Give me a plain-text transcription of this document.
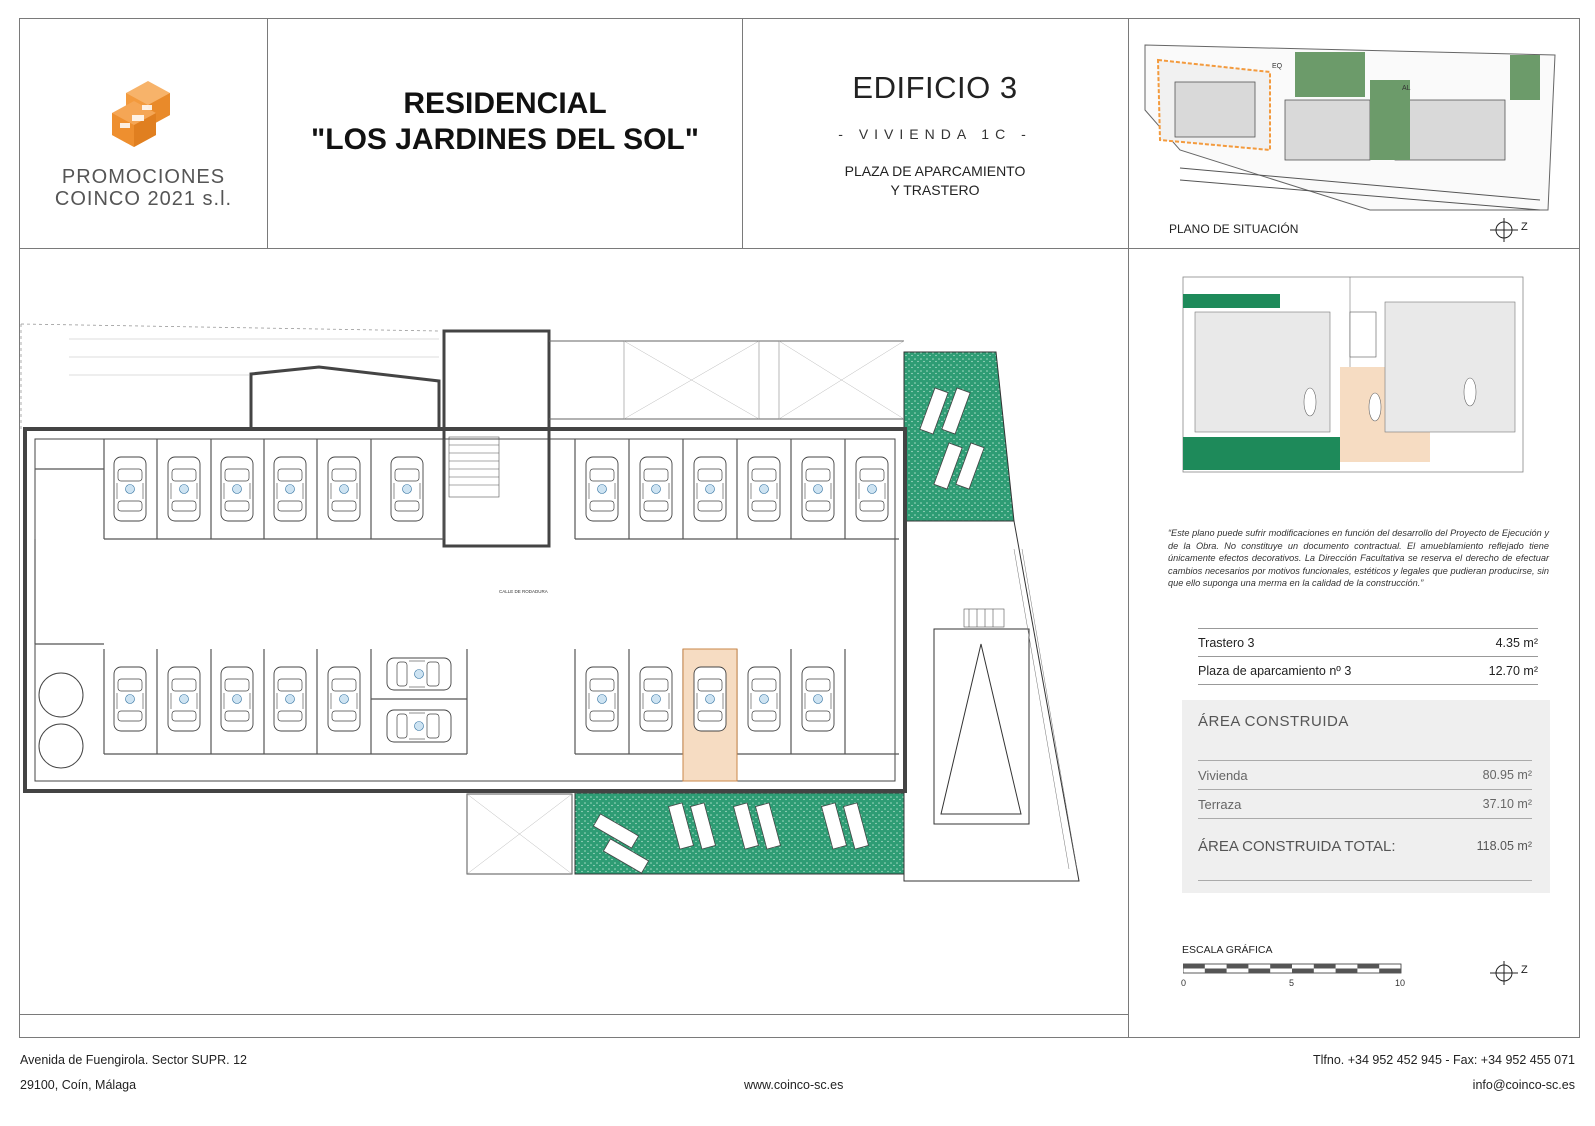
PROMOCIONES
COINCO 2021 s.l.
RESIDENCIAL
"LOS JARDINES DEL SOL"
EDIFICIO 3
- VIVIENDA 1C -
PLAZA DE APARCAMIENTO
Y TRASTERO
EQ
AL
PLANO DE SITUACIÓN	Z
“Este plano puede sufrir modificaciones en función del desarrollo del Proyecto de Ejecución y de la Obra. No constituye un documento contractual. El amueblamiento reflejado tiene únicamente efectos decorativos. La Dirección Facultativa se reserva el derecho de efectuar cambios necesarios por motivos funcionales, estéticos y legales que pudieran producirse, sin que ello suponga una merma en la calidad de la construcción.”
Trastero 3	4.35 m²
Plaza de aparcamiento nº 3	12.70 m²
ÁREA CONSTRUIDA
Vivienda	80.95 m²
Terraza	37.10 m²
ÁREA CONSTRUIDA TOTAL:	118.05 m²
ESCALA GRÁFICA
0	5	10
Z
CALLE DE RODADURA
Avenida de Fuengirola. Sector SUPR. 12
29100, Coín, Málaga	www.coinco-sc.es
Tlfno. +34 952 452 945 - Fax: +34 952 455 071
info@coinco-sc.es
